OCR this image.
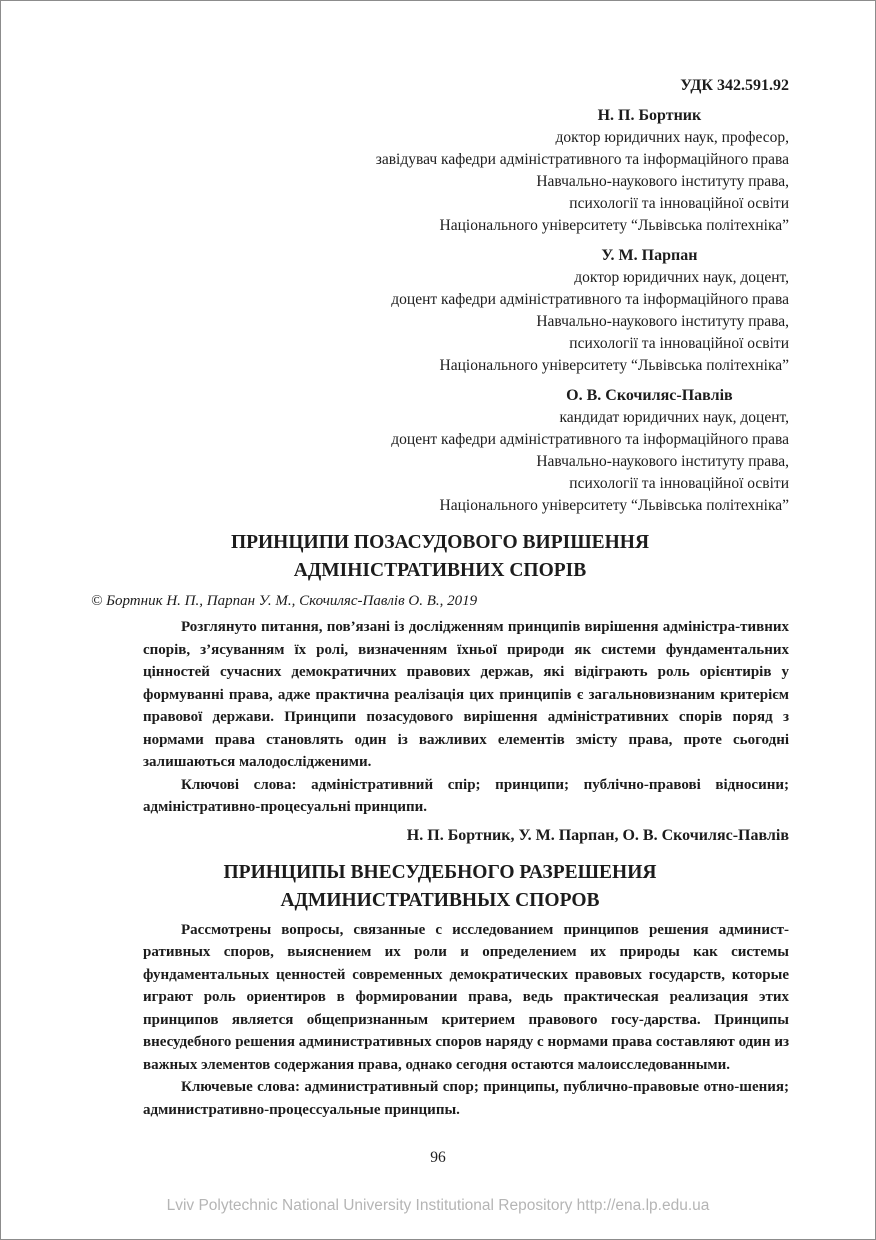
УДК 342.591.92
Н. П. Бортник
доктор юридичних наук, професор,
завідувач кафедри адміністративного та інформаційного права
Навчально-наукового інституту права,
психології та інноваційної освіти
Національного університету “Львівська політехніка”
У. М. Парпан
доктор юридичних наук, доцент,
доцент кафедри адміністративного та інформаційного права
Навчально-наукового інституту права,
психології та інноваційної освіти
Національного університету “Львівська політехніка”
О. В. Скочиляс-Павлів
кандидат юридичних наук, доцент,
доцент кафедри адміністративного та інформаційного права
Навчально-наукового інституту права,
психології та інноваційної освіти
Національного університету “Львівська політехніка”
ПРИНЦИПИ ПОЗАСУДОВОГО ВИРІШЕННЯ
АДМІНІСТРАТИВНИХ СПОРІВ
© Бортник Н. П., Парпан У. М., Скочиляс-Павлів О. В., 2019
Розглянуто питання, пов’язані із дослідженням принципів вирішення адміністра-тивних спорів, з’ясуванням їх ролі, визначенням їхньої природи як системи фундаментальних цінностей сучасних демократичних правових держав, які відіграють роль орієнтирів у формуванні права, адже практична реалізація цих принципів є загальновизнаним критерієм правової держави. Принципи позасудового вирішення адміністративних спорів поряд з нормами права становлять один із важливих елементів змісту права, проте сьогодні залишаються малодослідженими.
Ключові слова: адміністративний спір; принципи; публічно-правові відносини; адміністративно-процесуальні принципи.
Н. П. Бортник, У. М. Парпан, О. В. Скочиляс-Павлів
ПРИНЦИПЫ ВНЕСУДЕБНОГО РАЗРЕШЕНИЯ
АДМИНИСТРАТИВНЫХ СПОРОВ
Рассмотрены вопросы, связанные с исследованием принципов решения админист-ративных споров, выяснением их роли и определением их природы как системы фундаментальных ценностей современных демократических правовых государств, которые играют роль ориентиров в формировании права, ведь практическая реализация этих принципов является общепризнанным критерием правового госу-дарства. Принципы внесудебного решения административных споров наряду с нормами права составляют один из важных элементов содержания права, однако сегодня остаются малоисследованными.
Ключевые слова: административный спор; принципы, публично-правовые отно-шения; административно-процессуальные принципы.
96
Lviv Polytechnic National University Institutional Repository http://ena.lp.edu.ua
